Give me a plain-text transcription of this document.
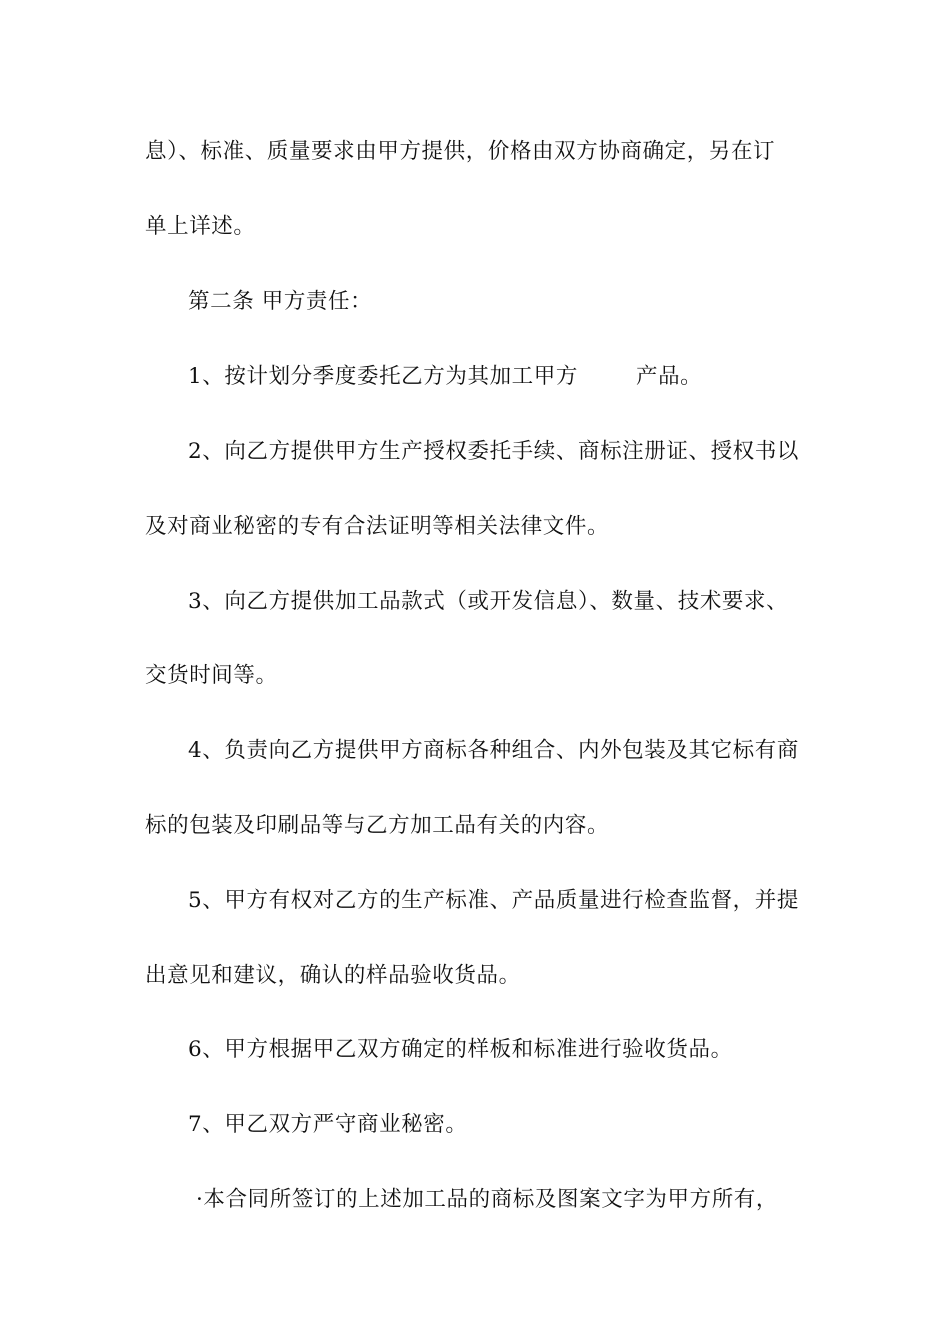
息）、标准、质量要求由甲方提供，价格由双方协商确定，另在订
单上详述。
第二条 甲方责任：
1、按计划分季度委托乙方为其加工甲方	产品。
2、向乙方提供甲方生产授权委托手续、商标注册证、授权书以
及对商业秘密的专有合法证明等相关法律文件。
3、向乙方提供加工品款式（或开发信息）、数量、技术要求、
交货时间等。
4、负责向乙方提供甲方商标各种组合、内外包装及其它标有商
标的包装及印刷品等与乙方加工品有关的内容。
5、甲方有权对乙方的生产标准、产品质量进行检查监督，并提
出意见和建议，确认的样品验收货品。
6、甲方根据甲乙双方确定的样板和标准进行验收货品。
7、甲乙双方严守商业秘密。
·本合同所签订的上述加工品的商标及图案文字为甲方所有，
